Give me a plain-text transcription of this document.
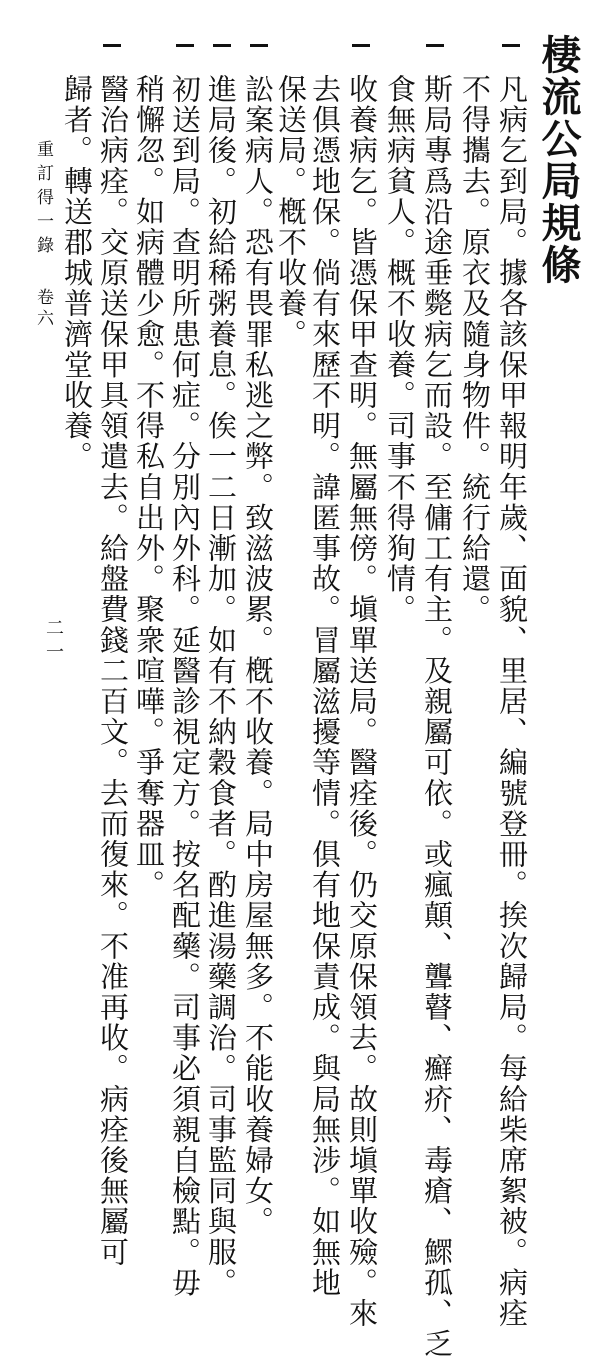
棲流公局規條
凡病乞到局。據各該保甲報明年歲、面貌、里居、編號登冊。挨次歸局。每給柴席絮被。病痊
不得攜去。原衣及隨身物件。統行給還。
斯局專爲沿途垂斃病乞而設。至傭工有主。及親屬可依。或瘋顛、聾瞽、癬疥、毒瘡、鰥孤、乏
食無病貧人。概不收養。司事不得狥情。
收養病乞。皆憑保甲查明。無屬無傍。塡單送局。醫痊後。仍交原保領去。故則塡單收殮。來
去俱憑地保。倘有來歷不明。諱匿事故。冒屬滋擾等情。俱有地保責成。與局無涉。如無地
保送局。槪不收養。
訟案病人。恐有畏罪私逃之弊。致滋波累。槪不收養。局中房屋無多。不能收養婦女。
進局後。初給稀粥養息。俟一二日漸加。如有不納穀食者。酌進湯藥調治。司事監同與服。
初送到局。查明所患何症。分別內外科。延醫診視定方。按名配藥。司事必須親自檢點。毋
稍懈忽。如病體少愈。不得私自出外。聚衆喧嘩。爭奪器皿。
醫治病痊。交原送保甲具領遣去。給盤費錢二百文。去而復來。不准再收。病痊後無屬可
歸者。轉送郡城普濟堂收養。
重訂得一錄
卷六
二一
